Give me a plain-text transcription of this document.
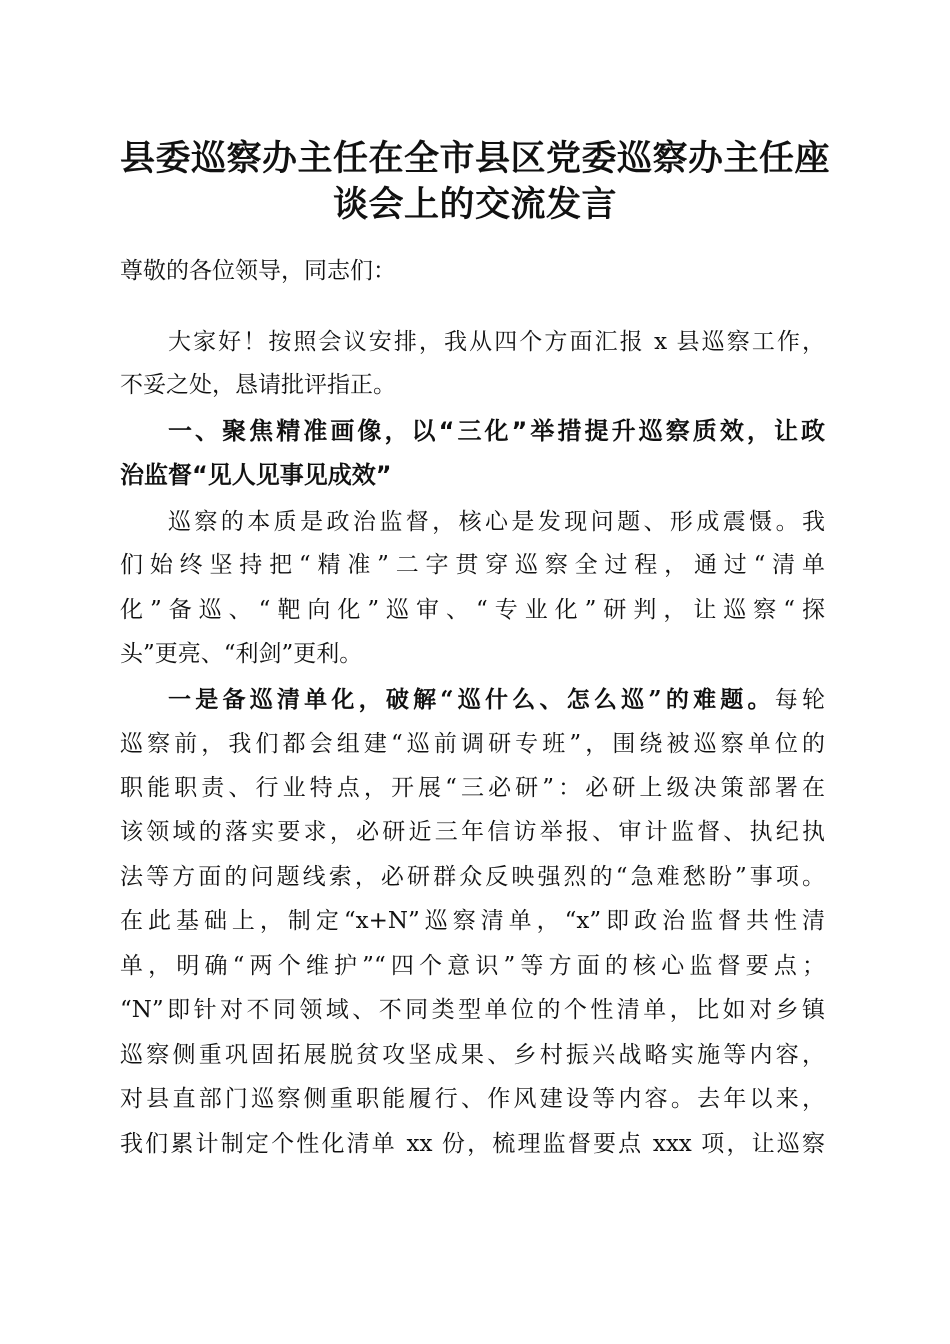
县委巡察办主任在全市县区党委巡察办主任座
谈会上的交流发言
尊敬的各位领导，同志们：
大家好！按照会议安排，我从四个方面汇报 x 县巡察工作，
不妥之处，恳请批评指正。
一、聚焦精准画像，以“三化”举措提升巡察质效，让政
治监督“见人见事见成效”
巡察的本质是政治监督，核心是发现问题、形成震慑。我
们始终坚持把“精准”二字贯穿巡察全过程，通过“清单
化”备巡、“靶向化”巡审、“专业化”研判，让巡察“探
头”更亮、“利剑”更利。
一是备巡清单化，破解“巡什么、怎么巡”的难题。每轮
巡察前，我们都会组建“巡前调研专班”，围绕被巡察单位的
职能职责、行业特点，开展“三必研”：必研上级决策部署在
该领域的落实要求，必研近三年信访举报、审计监督、执纪执
法等方面的问题线索，必研群众反映强烈的“急难愁盼”事项。
在此基础上，制定“x+N”巡察清单，“x”即政治监督共性清
单，明确“两个维护”“四个意识”等方面的核心监督要点；
“N”即针对不同领域、不同类型单位的个性清单，比如对乡镇
巡察侧重巩固拓展脱贫攻坚成果、乡村振兴战略实施等内容，
对县直部门巡察侧重职能履行、作风建设等内容。去年以来，
我们累计制定个性化清单 xx 份，梳理监督要点 xxx 项，让巡察
